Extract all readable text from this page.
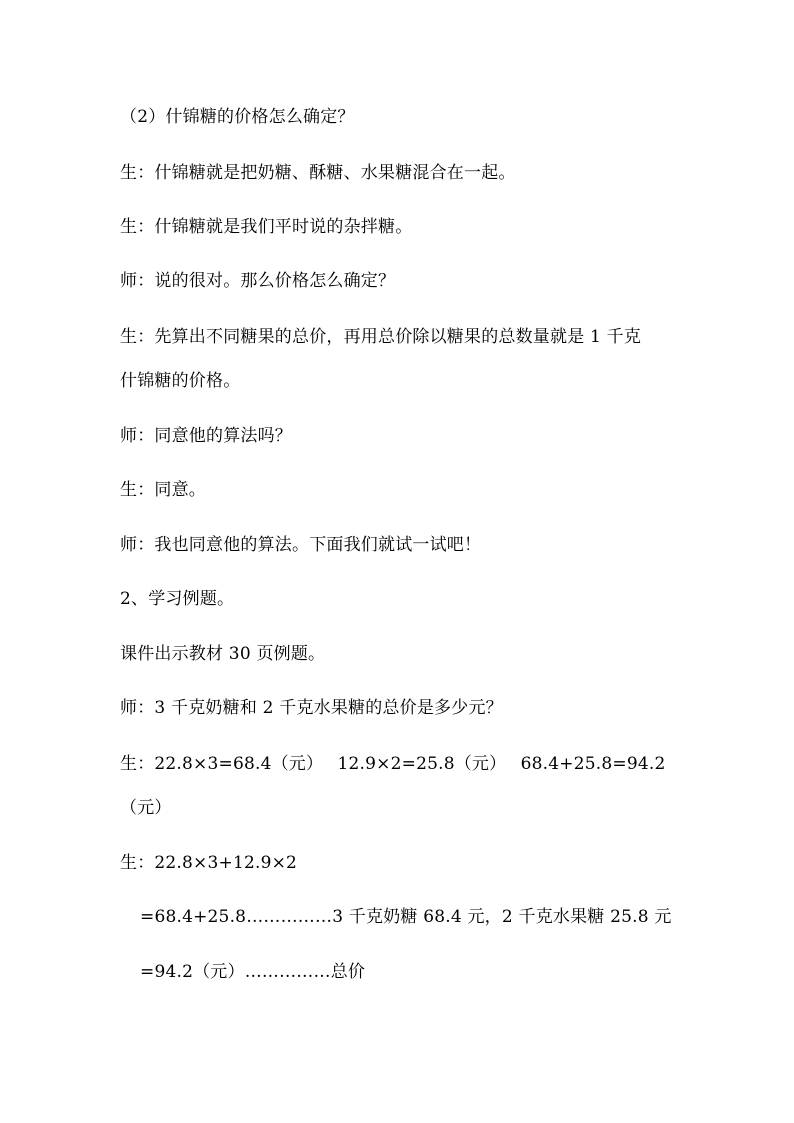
（2）什锦糖的价格怎么确定？
生：什锦糖就是把奶糖、酥糖、水果糖混合在一起。
生：什锦糖就是我们平时说的杂拌糖。
师：说的很对。那么价格怎么确定？
生：先算出不同糖果的总价，再用总价除以糖果的总数量就是 1 千克
什锦糖的价格。
师：同意他的算法吗？
生：同意。
师：我也同意他的算法。下面我们就试一试吧！
2、学习例题。
课件出示教材 30 页例题。
师：3 千克奶糖和 2 千克水果糖的总价是多少元？
生：22.8×3=68.4（元）　 12.9×2=25.8（元）　 68.4+25.8=94.2
（元）
生：22.8×3+12.9×2
=68.4+25.8……………3 千克奶糖 68.4 元，2 千克水果糖 25.8 元
=94.2（元）……………总价
